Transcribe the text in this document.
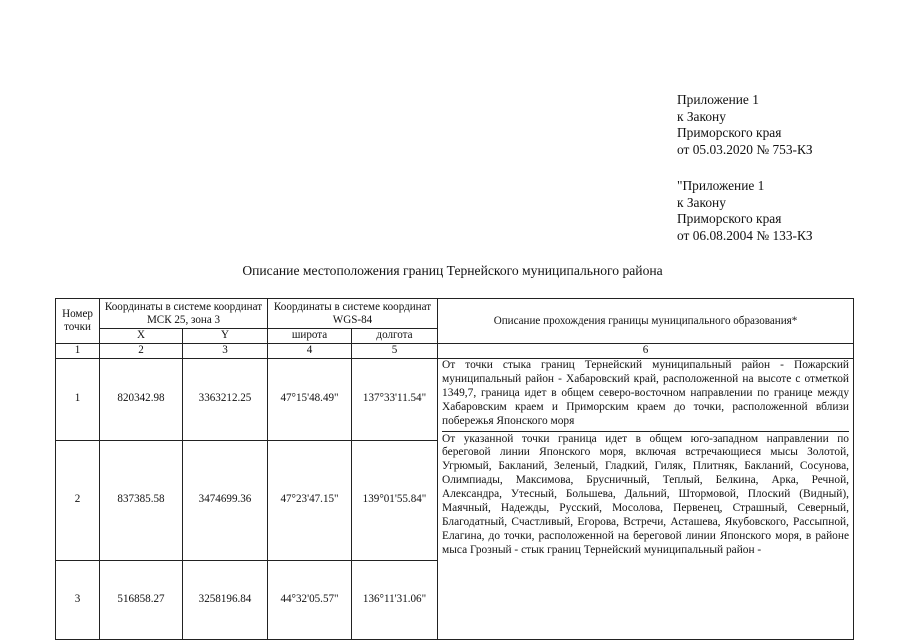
Приложение 1
к Закону
Приморского края
от 05.03.2020 № 753-КЗ
"Приложение 1
к Закону
Приморского края
от 06.08.2004 № 133-КЗ
Описание местоположения границ Тернейского муниципального района
Номер точки	Координаты в системе координат МСК 25, зона 3		Координаты в системе координат WGS-84		Описание прохождения границы муниципального образования*
	X	Y	широта	долгота	
1	2	3	4	5	6
1	820342.98	3363212.25	47°15'48.49"	137°33'11.54"	От точки стыка границ Тернейский муниципальный район - Пожарский муниципальный район - Хабаровский край, расположенной на высоте с отметкой 1349,7, граница идет в общем северо-восточном направлении по границе между Хабаровским краем и Приморским краем до точки, расположенной вблизи побережья Японского моря
От указанной точки граница идет в общем юго-западном направлении по береговой линии Японского моря, включая встречающиеся мысы Золотой, Угрюмый, Бакланий, Зеленый, Гладкий, Гиляк, Плитняк, Бакланий, Сосунова, Олимпиады, Максимова, Брусничный, Теплый, Белкина, Арка, Речной, Александра, Утесный, Большева, Дальний, Штормовой, Плоский (Видный), Маячный, Надежды, Русский, Мосолова, Первенец, Страшный, Северный, Благодатный, Счастливый, Егорова, Встречи, Асташева, Якубовского, Рассыпной, Елагина, до точки, расположенной на береговой линии Японского моря, в районе мыса Грозный - стык границ Тернейский муниципальный район -

2	837385.58	3474699.36	47°23'47.15"	139°01'55.84"	
3	516858.27	3258196.84	44°32'05.57"	136°11'31.06"	
